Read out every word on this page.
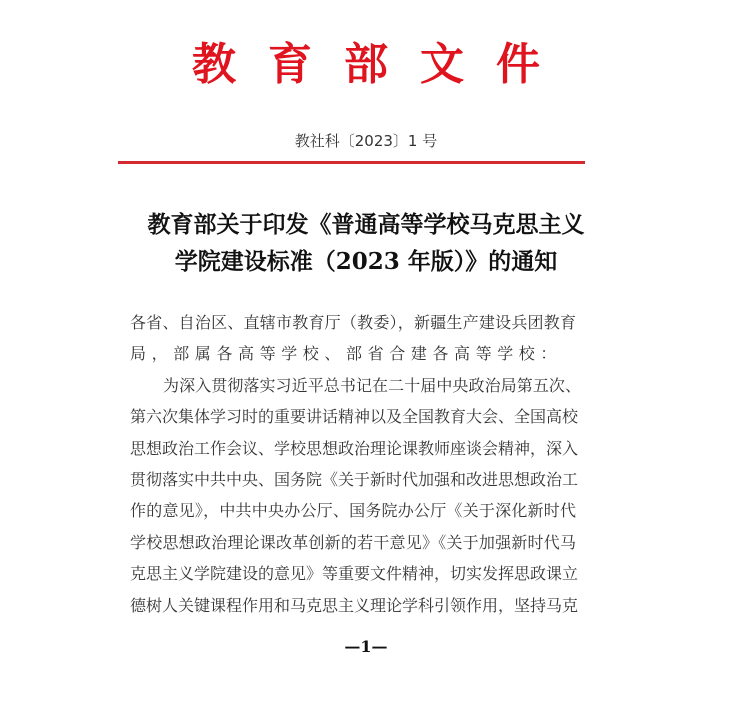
教育部文件
教社科〔2023〕1 号
教育部关于印发《普通高等学校马克思主义
学院建设标准（2023 年版）》的通知
各省、自治区、直辖市教育厅（教委），新疆生产建设兵团教育
局，部属各高等学校、部省合建各高等学校：
为深入贯彻落实习近平总书记在二十届中央政治局第五次、
第六次集体学习时的重要讲话精神以及全国教育大会、全国高校
思想政治工作会议、学校思想政治理论课教师座谈会精神，深入
贯彻落实中共中央、国务院《关于新时代加强和改进思想政治工
作的意见》，中共中央办公厅、国务院办公厅《关于深化新时代
学校思想政治理论课改革创新的若干意见》《关于加强新时代马
克思主义学院建设的意见》等重要文件精神，切实发挥思政课立
德树人关键课程作用和马克思主义理论学科引领作用，坚持马克
—1—
